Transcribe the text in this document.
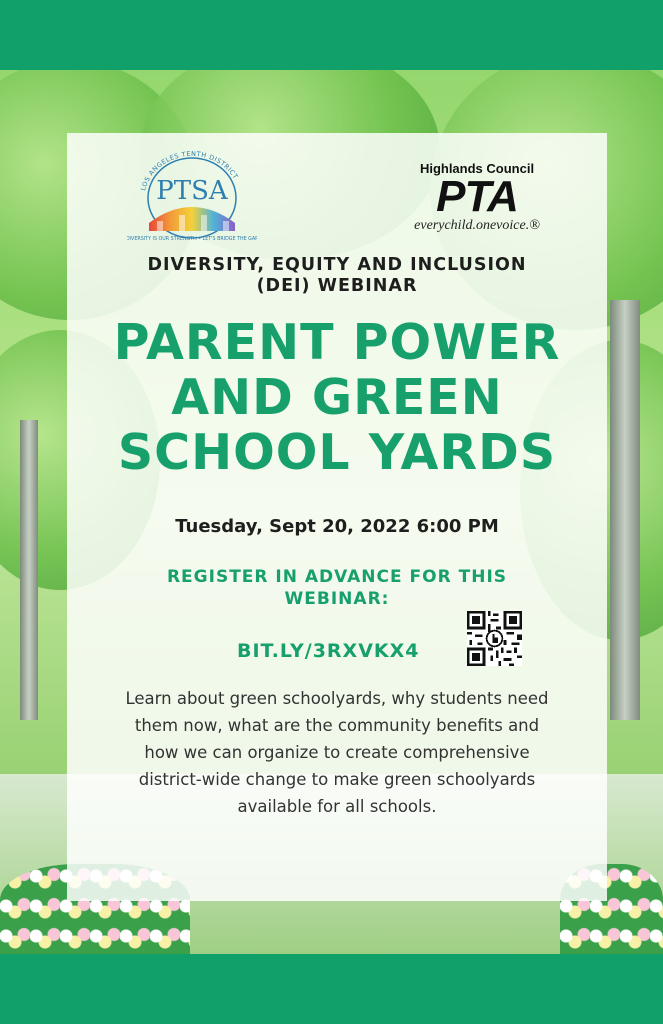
LOS ANGELES TENTH DISTRICT
PTSA
DIVERSITY IS OUR STRENGTH • LET'S BRIDGE THE GAP
Highlands Council
PTA
everychild.onevoice.®
DIVERSITY, EQUITY AND INCLUSION
(DEI) WEBINAR
PARENT POWER
AND GREEN
SCHOOL YARDS
Tuesday, Sept 20, 2022 6:00 PM
REGISTER IN ADVANCE FOR THIS
WEBINAR:
BIT.LY/3RXVKX4
Learn about green schoolyards, why students need them now, what are the community benefits and how we can organize to create comprehensive district-wide change to make green schoolyards available for all schools.
